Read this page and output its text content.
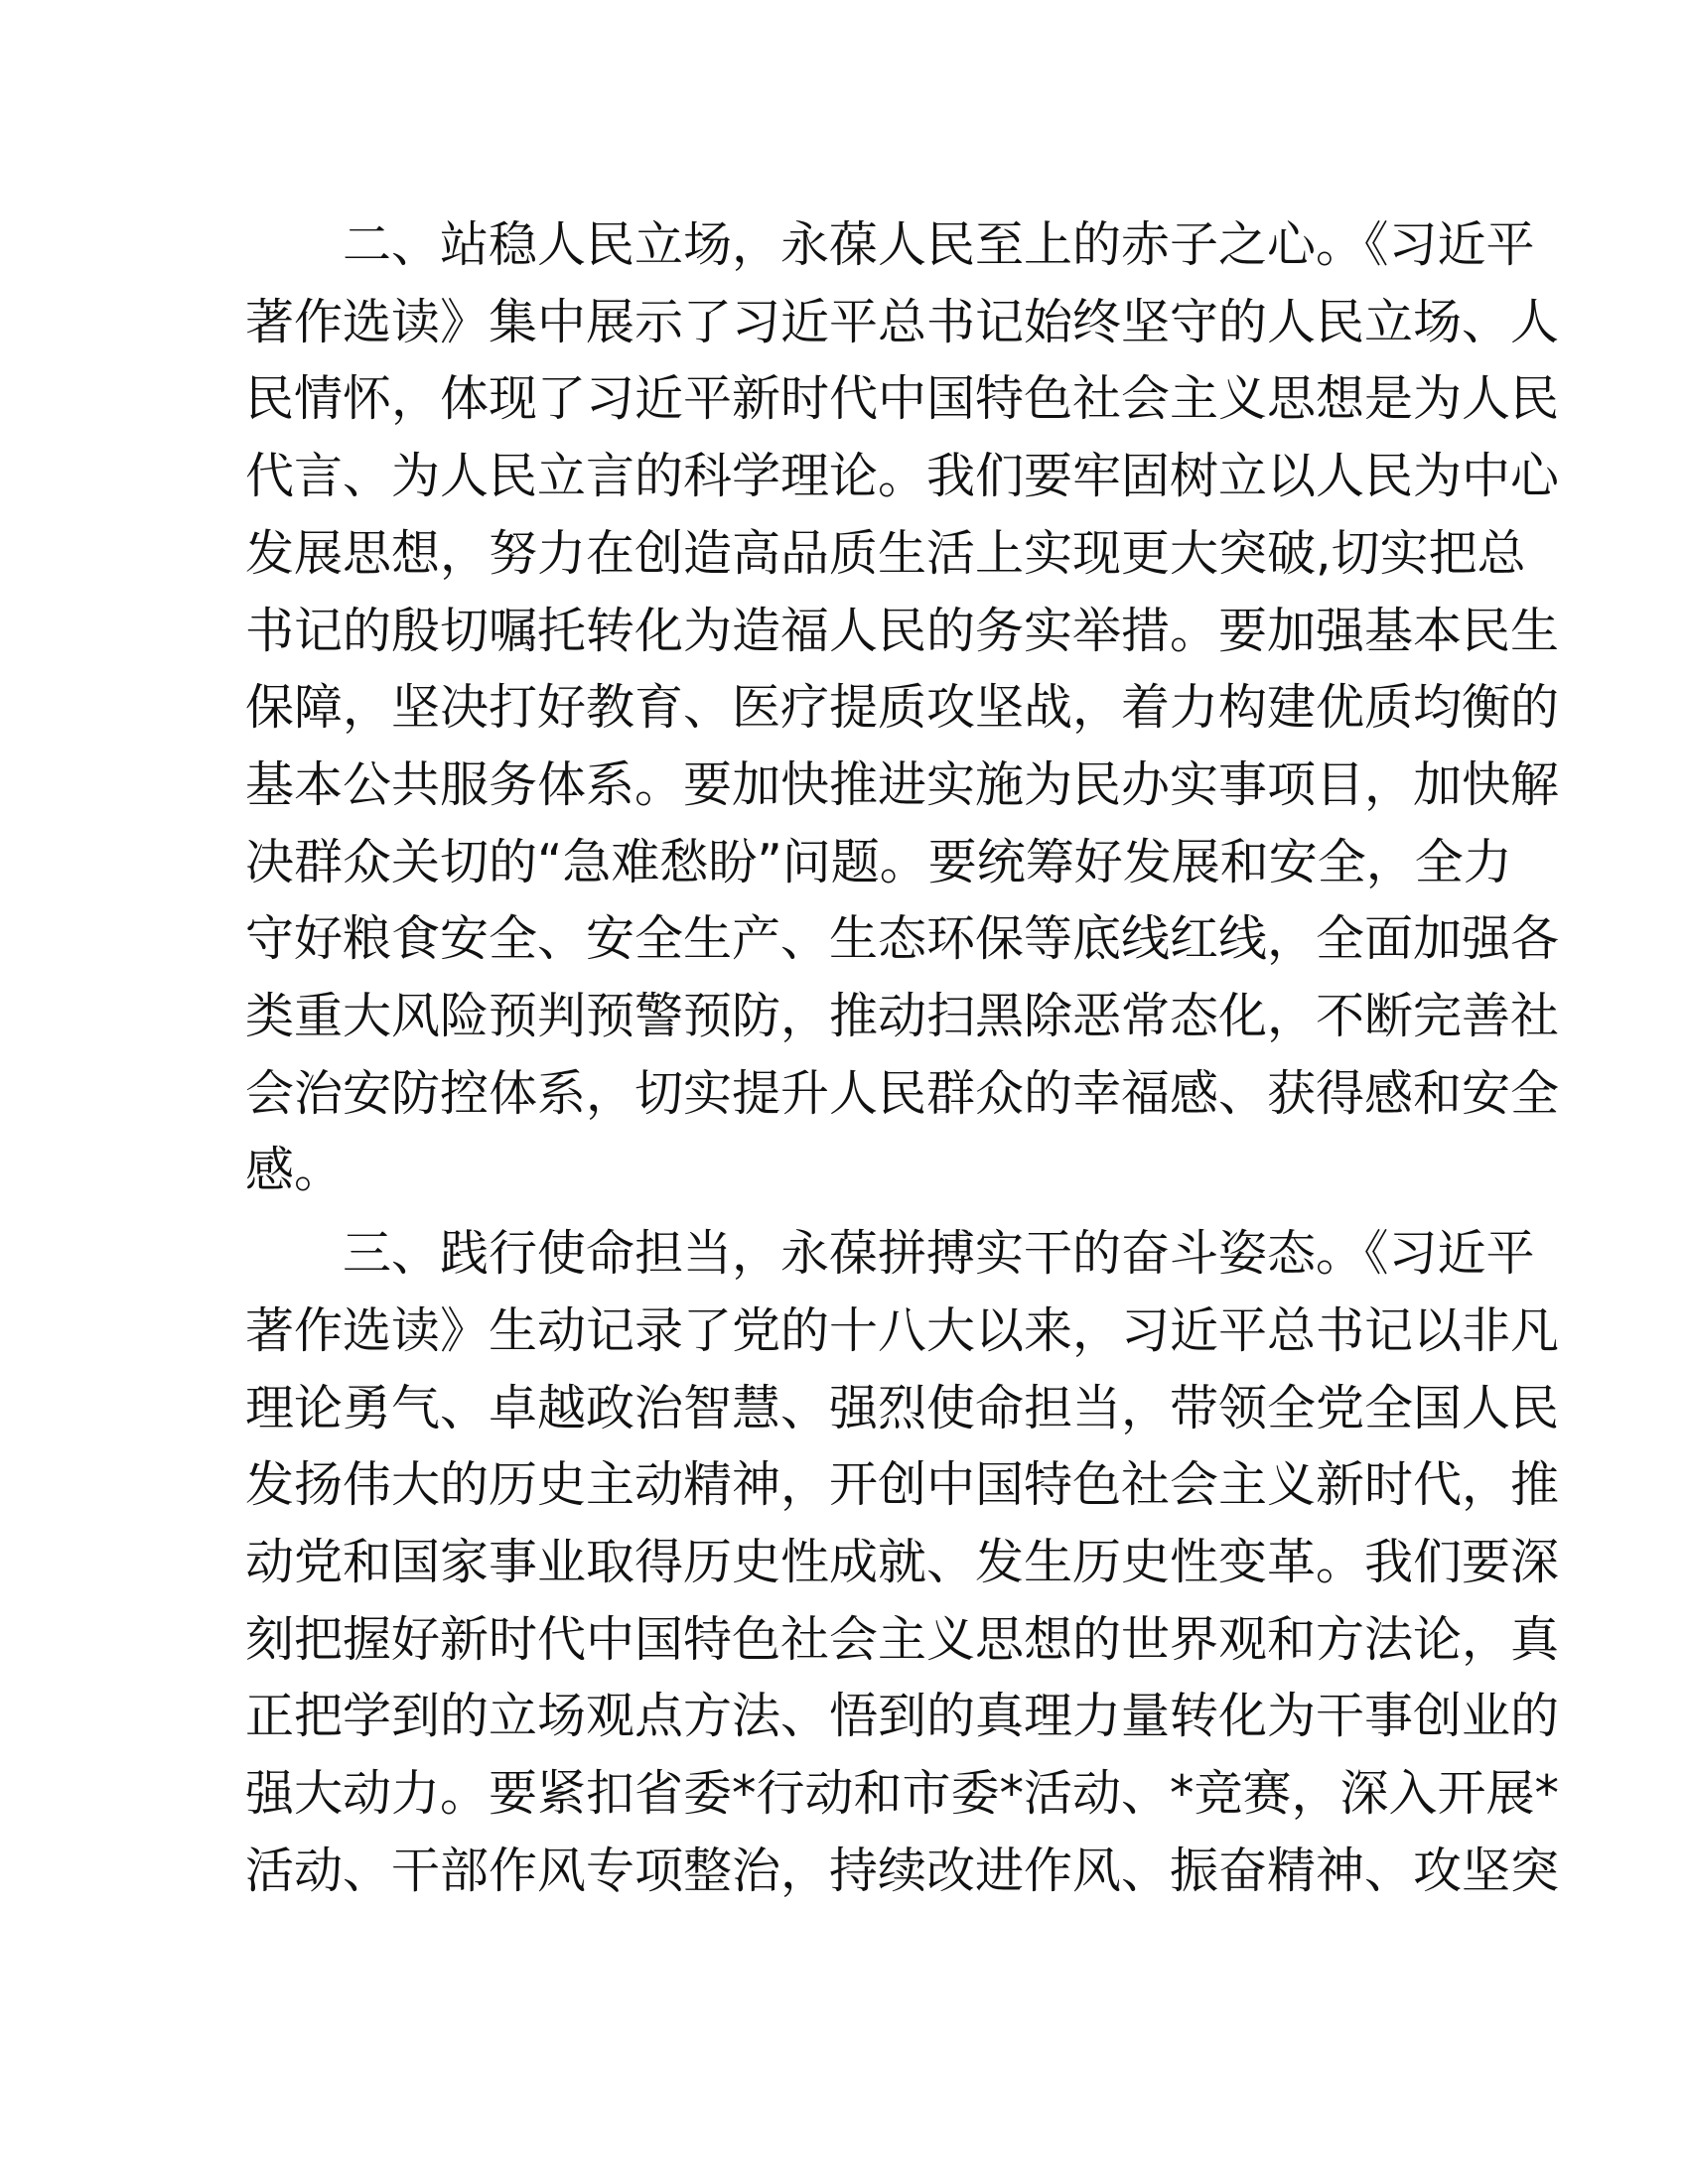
二、站稳人民立场，永葆人民至上的赤子之心。《习近平
著作选读》集中展示了习近平总书记始终坚守的人民立场、人
民情怀，体现了习近平新时代中国特色社会主义思想是为人民
代言、为人民立言的科学理论。我们要牢固树立以人民为中心
发展思想，努力在创造高品质生活上实现更大突破,切实把总
书记的殷切嘱托转化为造福人民的务实举措。要加强基本民生
保障，坚决打好教育、医疗提质攻坚战，着力构建优质均衡的
基本公共服务体系。要加快推进实施为民办实事项目，加快解
决群众关切的“急难愁盼”问题。要统筹好发展和安全，全力
守好粮食安全、安全生产、生态环保等底线红线，全面加强各
类重大风险预判预警预防，推动扫黑除恶常态化，不断完善社
会治安防控体系，切实提升人民群众的幸福感、获得感和安全
感。

三、践行使命担当，永葆拼搏实干的奋斗姿态。《习近平
著作选读》生动记录了党的十八大以来，习近平总书记以非凡
理论勇气、卓越政治智慧、强烈使命担当，带领全党全国人民
发扬伟大的历史主动精神，开创中国特色社会主义新时代，推
动党和国家事业取得历史性成就、发生历史性变革。我们要深
刻把握好新时代中国特色社会主义思想的世界观和方法论，真
正把学到的立场观点方法、悟到的真理力量转化为干事创业的
强大动力。要紧扣省委*行动和市委*活动、*竞赛，深入开展*
活动、干部作风专项整治，持续改进作风、振奋精神、攻坚突
